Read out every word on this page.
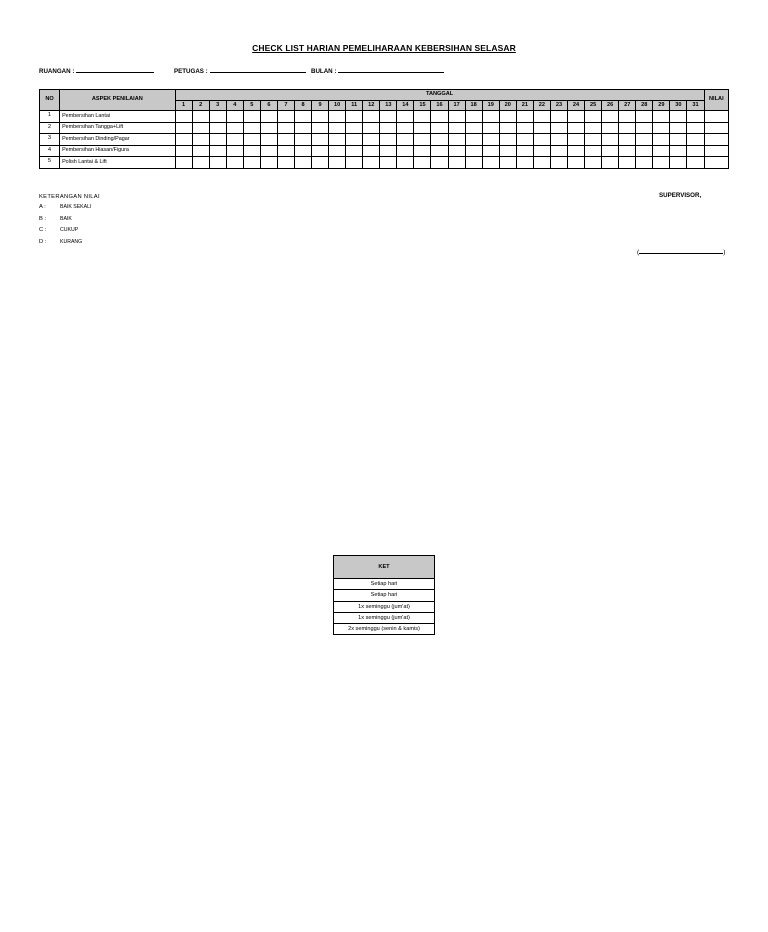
CHECK LIST HARIAN PEMELIHARAAN KEBERSIHAN SELASAR
RUANGAN :	PETUGAS :	BULAN :
NO	ASPEK PENILAIAN	TANGGAL																															NILAI
		1	2	3	4	5	6	7	8	9	10	11	12	13	14	15	16	17	18	19	20	21	22	23	24	25	26	27	28	29	30	31	
1	Pembersihan Lantai																																
2	Pembersihan Tangga+Lift																																
3	Pembersihan Dinding/Pagar																																
4	Pembersihan Hiasan/Figura																																
5	Polish Lantai & Lift																																
KETERANGAN NILAI
A :	BAIK SEKALI
B :	BAIK
C :	CUKUP
D :	KURANG
SUPERVISOR,
(	)
KET
Setiap hari
Setiap hari
1x seminggu (jum'at)
1x seminggu (jum'at)
2x seminggu (senin & kamis)
